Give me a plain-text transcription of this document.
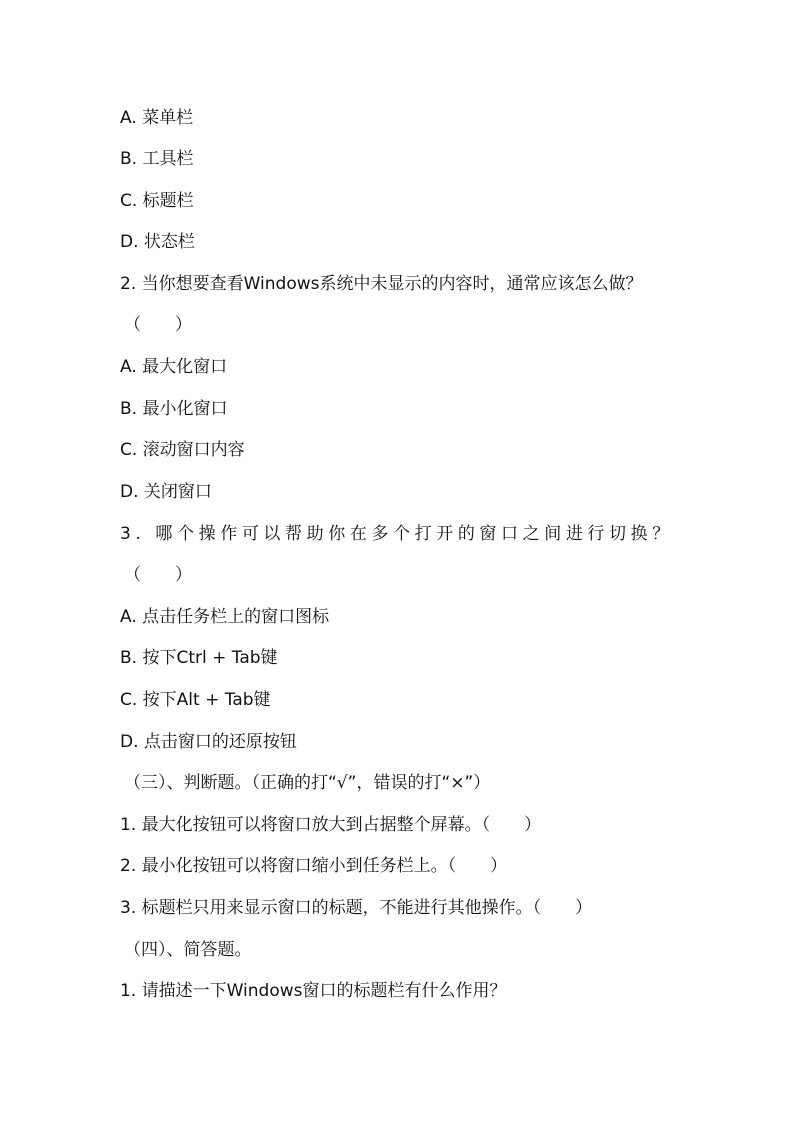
A. 菜单栏
B. 工具栏
C. 标题栏
D. 状态栏
2. 当你想要查看Windows系统中未显示的内容时，通常应该怎么做？
（　　）
A. 最大化窗口
B. 最小化窗口
C. 滚动窗口内容
D. 关闭窗口
3. 哪个操作可以帮助你在多个打开的窗口之间进行切换？
（　　）
A. 点击任务栏上的窗口图标
B. 按下Ctrl + Tab键
C. 按下Alt + Tab键
D. 点击窗口的还原按钮
（三）、判断题。（正确的打“√”，错误的打“×”）
1. 最大化按钮可以将窗口放大到占据整个屏幕。（　　）
2. 最小化按钮可以将窗口缩小到任务栏上。（　　）
3. 标题栏只用来显示窗口的标题，不能进行其他操作。（　　）
（四）、简答题。
1. 请描述一下Windows窗口的标题栏有什么作用？
